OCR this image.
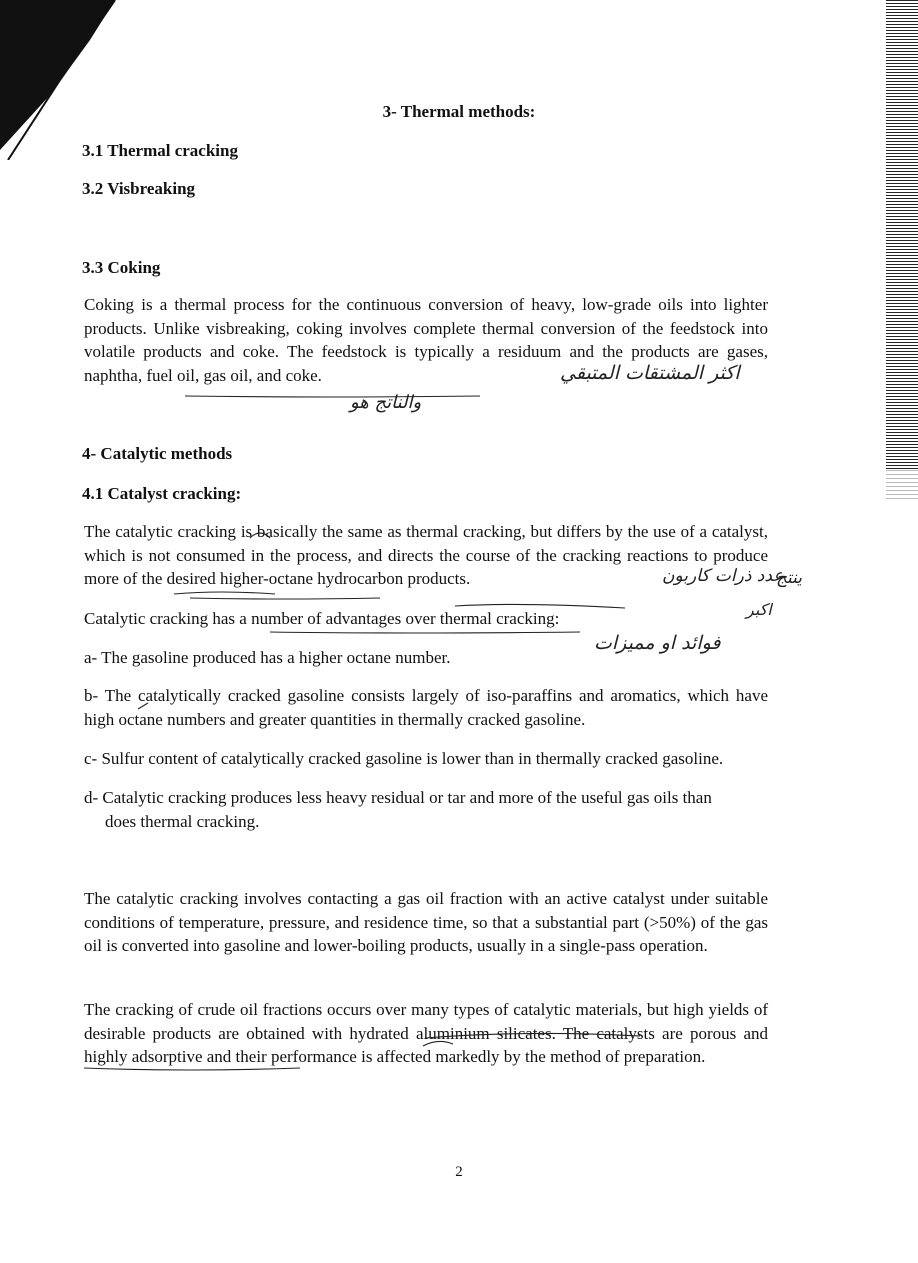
3- Thermal methods:
3.1 Thermal cracking
3.2 Visbreaking
3.3 Coking
Coking is a thermal process for the continuous conversion of heavy, low-grade oils into lighter products. Unlike visbreaking, coking involves complete thermal conversion of the feedstock into volatile products and coke. The feedstock is typically a residuum and the products are gases, naphtha, fuel oil, gas oil, and coke.
4- Catalytic methods
4.1 Catalyst cracking:
The catalytic cracking is basically the same as thermal cracking, but differs by the use of a catalyst, which is not consumed in the process, and directs the course of the cracking reactions to produce more of the desired higher-octane hydrocarbon products.
Catalytic cracking has a number of advantages over thermal cracking:
a- The gasoline produced has a higher octane number.
b- The catalytically cracked gasoline consists largely of iso-paraffins and aromatics, which have high octane numbers and greater quantities in thermally cracked gasoline.
c- Sulfur content of catalytically cracked gasoline is lower than in thermally cracked gasoline.
d- Catalytic cracking produces less heavy residual or tar and more of the useful gas oils than
does thermal cracking.
The catalytic cracking involves contacting a gas oil fraction with an active catalyst under suitable conditions of temperature, pressure, and residence time, so that a substantial part (>50%) of the gas oil is converted into gasoline and lower-boiling products, usually in a single-pass operation.
The cracking of crude oil fractions occurs over many types of catalytic materials, but high yields of desirable products are obtained with hydrated aluminium silicates. The catalysts are porous and highly adsorptive and their performance is affected markedly by the method of preparation.
2
اكثر المشتقات المتبقي
والناتج هو
عدد ذرات كاربون
ينتج
اكبر
فوائد او مميزات
